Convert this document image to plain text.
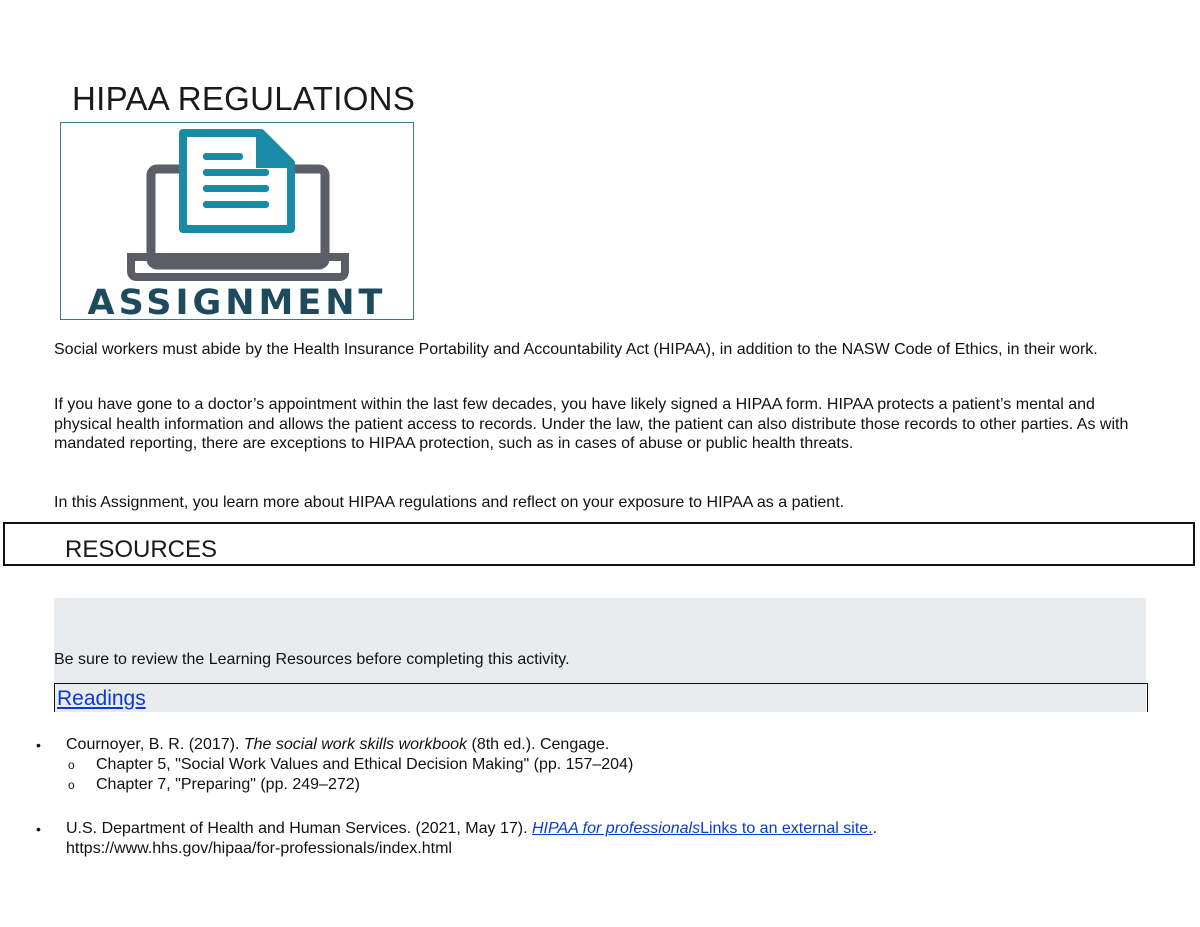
HIPAA REGULATIONS
ASSIGNMENT

Social workers must abide by the Health Insurance Portability and Accountability Act (HIPAA), in addition to the NASW Code of Ethics, in their work.

If you have gone to a doctor’s appointment within the last few decades, you have likely signed a HIPAA form. HIPAA protects a patient’s mental and physical health information and allows the patient access to records. Under the law, the patient can also distribute those records to other parties. As with mandated reporting, there are exceptions to HIPAA protection, such as in cases of abuse or public health threats.

In this Assignment, you learn more about HIPAA regulations and reflect on your exposure to HIPAA as a patient.

RESOURCES

Be sure to review the Learning Resources before completing this activity.

Readings
• Cournoyer, B. R. (2017). The social work skills workbook (8th ed.). Cengage.
o Chapter 5, "Social Work Values and Ethical Decision Making" (pp. 157–204)
o Chapter 7, "Preparing" (pp. 249–272)
• U.S. Department of Health and Human Services. (2021, May 17). HIPAA for professionalsLinks to an external site..
https://www.hhs.gov/hipaa/for-professionals/index.html
